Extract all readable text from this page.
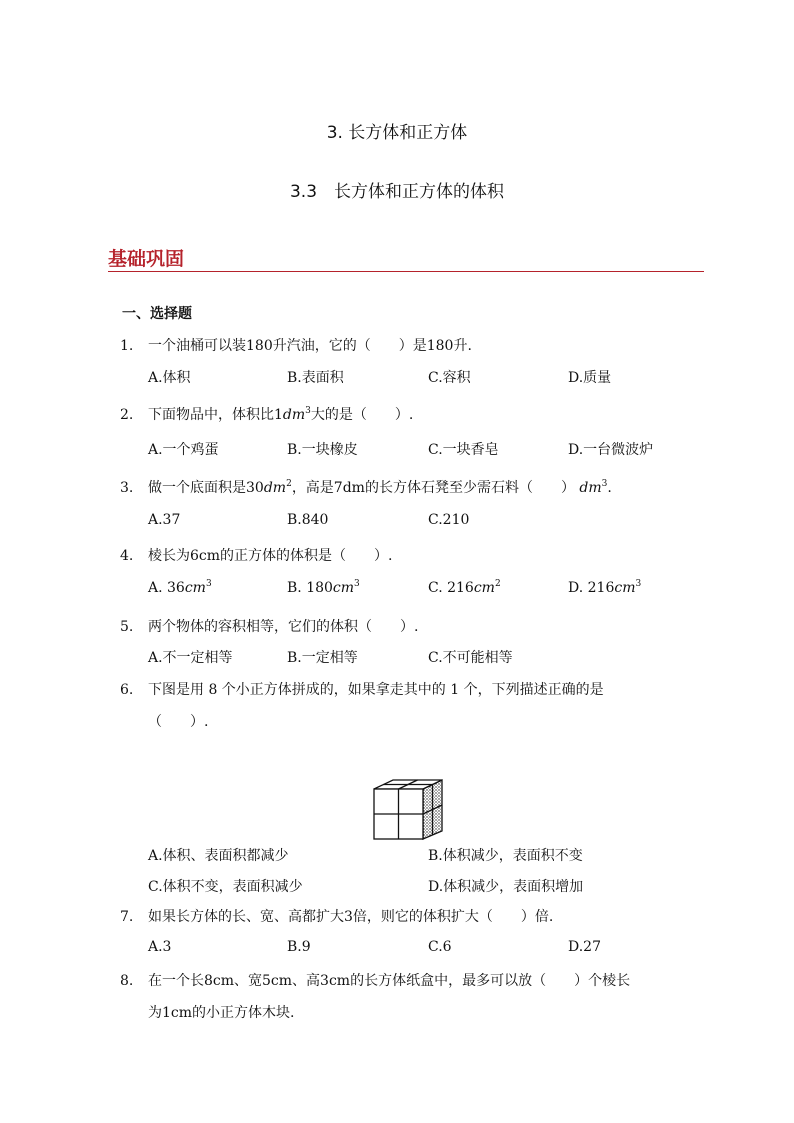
3. 长方体和正方体
3.3　长方体和正方体的体积
基础巩固
一、选择题
1. 一个油桶可以装180升汽油，它的（　　）是180升.
A.体积	B.表面积	C.容积	D.质量
2. 下面物品中，体积比$1dm^3$大的是（　　）.
A.一个鸡蛋	B.一块橡皮	C.一块香皂	D.一台微波炉
3. 做一个底面积是$30dm^2$，高是7dm的长方体石凳至少需石料（　　） $dm^3$.
A.37	B.840	C.210
4. 棱长为6cm的正方体的体积是（　　）.
A. $36cm^3$	B. $180cm^3$	C. $216cm^2$	D. $216cm^3$
5. 两个物体的容积相等，它们的体积（　　）.
A.不一定相等	B.一定相等	C.不可能相等
6. 下图是用 8 个小正方体拼成的，如果拿走其中的 1 个，下列描述正确的是
（　　）.
A.体积、表面积都减少	B.体积减少，表面积不变
C.体积不变，表面积减少	D.体积减少，表面积增加
7. 如果长方体的长、宽、高都扩大3倍，则它的体积扩大（　　）倍.
A.3	B.9	C.6	D.27
8. 在一个长8cm、宽5cm、高3cm的长方体纸盒中，最多可以放（　　）个棱长
为1cm的小正方体木块.
